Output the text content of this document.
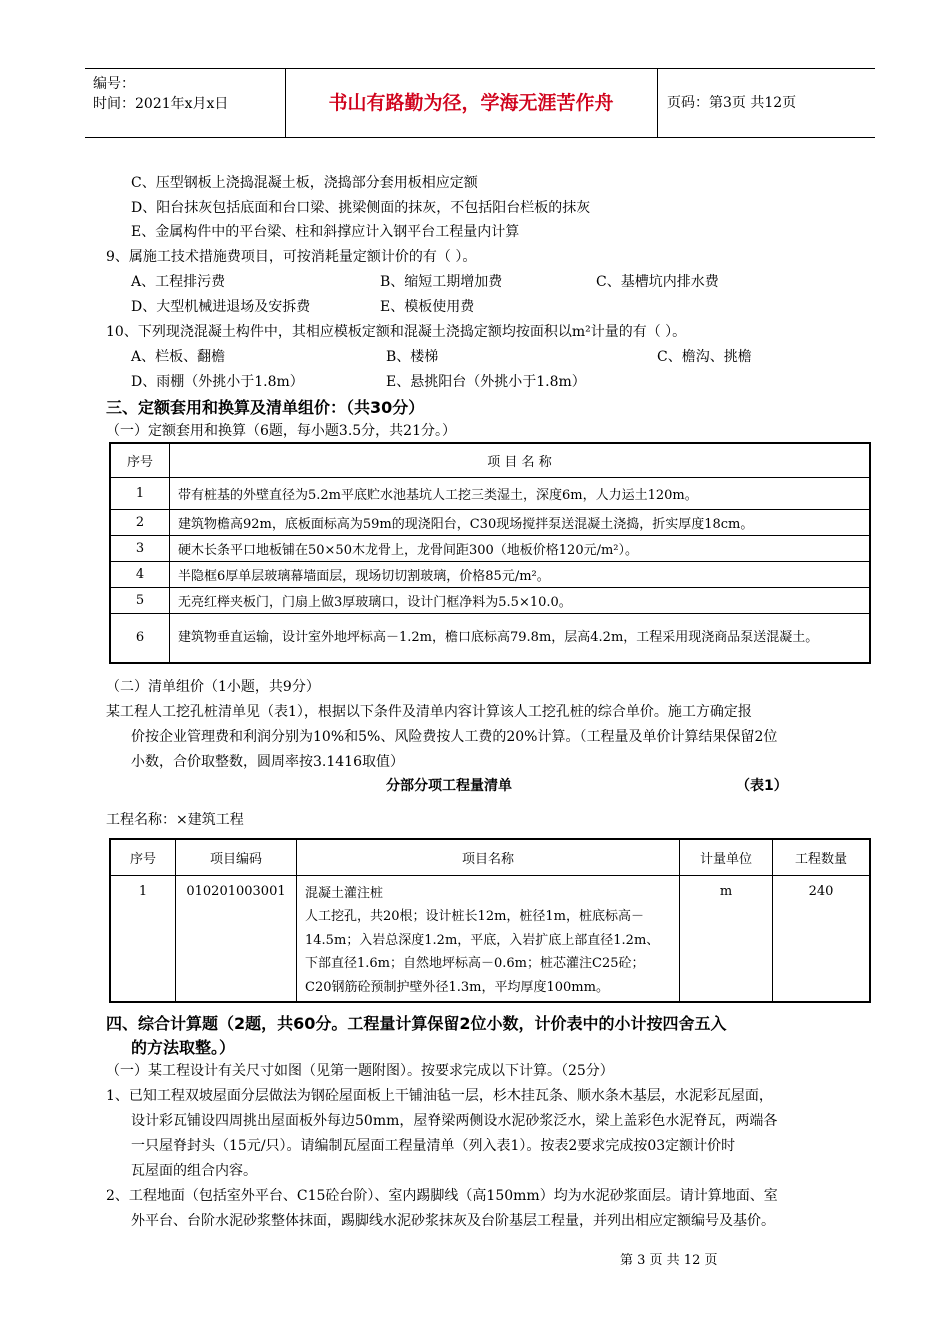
编号：
时间：2021年x月x日	书山有路勤为径，学海无涯苦作舟	页码：第3页 共12页
C、压型钢板上浇捣混凝土板，浇捣部分套用板相应定额
D、阳台抹灰包括底面和台口梁、挑梁侧面的抹灰，不包括阳台栏板的抹灰
E、金属构件中的平台梁、柱和斜撑应计入钢平台工程量内计算
9、属施工技术措施费项目，可按消耗量定额计价的有（ ）。
A、工程排污费	B、缩短工期增加费	C、基槽坑内排水费
D、大型机械进退场及安拆费	E、模板使用费
10、下列现浇混凝土构件中，其相应模板定额和混凝土浇捣定额均按面积以m²计量的有（ ）。
A、栏板、翻檐	B、楼梯	C、檐沟、挑檐
D、雨棚（外挑小于1.8m）	E、悬挑阳台（外挑小于1.8m）
三、定额套用和换算及清单组价：（共30分）
（一）定额套用和换算（6题，每小题3.5分，共21分。）
序号	项 目 名 称
1	带有桩基的外壁直径为5.2m平底贮水池基坑人工挖三类湿土，深度6m，人力运土120m。
2	建筑物檐高92m，底板面标高为59m的现浇阳台，C30现场搅拌泵送混凝土浇捣，折实厚度18cm。
3	硬木长条平口地板铺在50×50木龙骨上，龙骨间距300（地板价格120元/m²）。
4	半隐框6厚单层玻璃幕墙面层，现场切切割玻璃，价格85元/m²。
5	无亮红榉夹板门，门扇上做3厚玻璃口，设计门框净料为5.5×10.0。
6	建筑物垂直运输，设计室外地坪标高－1.2m，檐口底标高79.8m，层高4.2m，工程采用现浇商品泵送混凝土。
（二）清单组价（1小题，共9分）
某工程人工挖孔桩清单见（表1），根据以下条件及清单内容计算该人工挖孔桩的综合单价。施工方确定报
价按企业管理费和利润分别为10%和5%、风险费按人工费的20%计算。（工程量及单价计算结果保留2位
小数，合价取整数，圆周率按3.1416取值）
分部分项工程量清单	（表1）
工程名称：×建筑工程
序号	项目编码	项目名称	计量单位	工程数量
1	010201003001	混凝土灌注桩
人工挖孔，共20根；设计桩长12m，桩径1m，桩底标高－
14.5m；入岩总深度1.2m，平底，入岩扩底上部直径1.2m、
下部直径1.6m；自然地坪标高－0.6m；桩芯灌注C25砼；
C20钢筋砼预制护壁外径1.3m，平均厚度100mm。	m	240
四、综合计算题（2题，共60分。工程量计算保留2位小数，计价表中的小计按四舍五入
的方法取整。）
（一）某工程设计有关尺寸如图（见第一题附图）。按要求完成以下计算。（25分）
1、已知工程双坡屋面分层做法为钢砼屋面板上干铺油毡一层，杉木挂瓦条、顺水条木基层，水泥彩瓦屋面，
设计彩瓦铺设四周挑出屋面板外每边50mm，屋脊梁两侧设水泥砂浆泛水，梁上盖彩色水泥脊瓦，两端各
一只屋脊封头（15元/只）。请编制瓦屋面工程量清单（列入表1）。按表2要求完成按03定额计价时
瓦屋面的组合内容。
2、工程地面（包括室外平台、C15砼台阶）、室内踢脚线（高150mm）均为水泥砂浆面层。请计算地面、室
外平台、台阶水泥砂浆整体抹面，踢脚线水泥砂浆抹灰及台阶基层工程量，并列出相应定额编号及基价。
第 3 页 共 12 页
